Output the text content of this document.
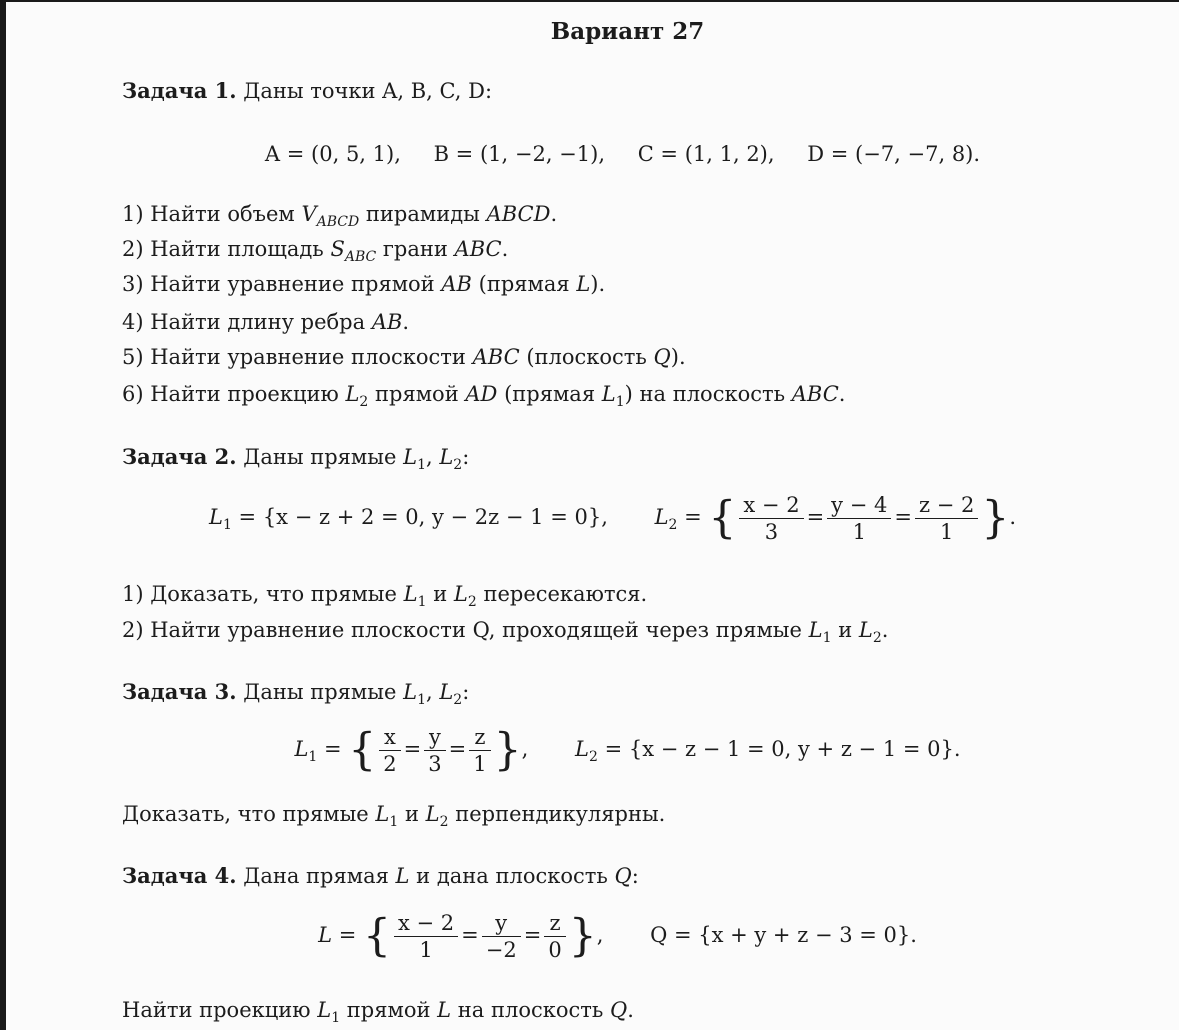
Вариант 27
Задача 1. Даны точки A, B, C, D:
A = (0, 5, 1), B = (1, −2, −1), C = (1, 1, 2), D = (−7, −7, 8).
1) Найти объем $V_{ABCD}$ пирамиды ABCD.
2) Найти площадь $S_{ABC}$ грани ABC.
3) Найти уравнение прямой AB (прямая L).
4) Найти длину ребра AB.
5) Найти уравнение плоскости ABC (плоскость Q).
6) Найти проекцию $L_2$ прямой AD (прямая $L_1$) на плоскость ABC.
Задача 2. Даны прямые $L_1$, $L_2$:
$L_1 = \{x - z + 2 = 0$, y − 2z − 1 = 0}, $L_2$ = { $\frac{x - 2}{3} = \frac{y - 4}{1} = \frac{z - 2}{1}$ }.
1) Доказать, что прямые $L_1$ и $L_2$ пересекаются.
2) Найти уравнение плоскости Q, проходящей через прямые $L_1$ и $L_2$.
Задача 3. Даны прямые $L_1$, $L_2$:
$L_1$ = { $\frac{x}{2} = \frac{y}{3} = \frac{z}{1}$ }, $L_2 = \{x - z - 1 = 0$, y + z − 1 = 0}.
Доказать, что прямые $L_1$ и $L_2$ перпендикулярны.
Задача 4. Дана прямая L и дана плоскость Q:
L = { $\frac{x - 2}{1} = \frac{y}{-2} = \frac{z}{0}$ }, Q = {x + y + z − 3 = 0}.
Найти проекцию $L_1$ прямой L на плоскость Q.
